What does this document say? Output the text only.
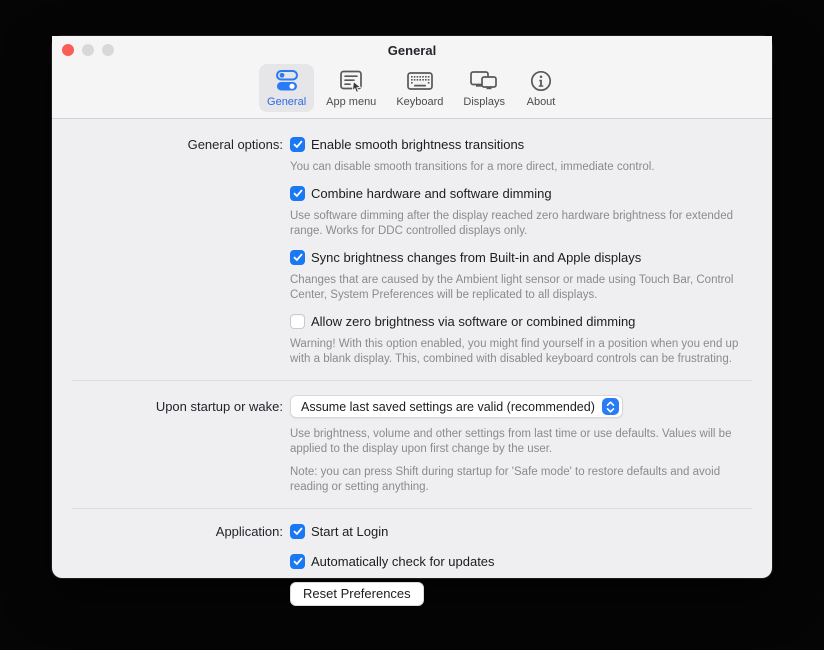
General
General App menu Keyboard Displays About
General options: Enable smooth brightness transitions
You can disable smooth transitions for a more direct, immediate control.
Combine hardware and software dimming
Use software dimming after the display reached zero hardware brightness for extended range. Works for DDC controlled displays only.
Sync brightness changes from Built-in and Apple displays
Changes that are caused by the Ambient light sensor or made using Touch Bar, Control Center, System Preferences will be replicated to all displays.
Allow zero brightness via software or combined dimming
Warning! With this option enabled, you might find yourself in a position when you end up with a blank display. This, combined with disabled keyboard controls can be frustrating.
Upon startup or wake: Assume last saved settings are valid (recommended)
Use brightness, volume and other settings from last time or use defaults. Values will be applied to the display upon first change by the user.
Note: you can press Shift during startup for 'Safe mode' to restore defaults and avoid reading or setting anything.
Application: Start at Login
Automatically check for updates
Reset Preferences
